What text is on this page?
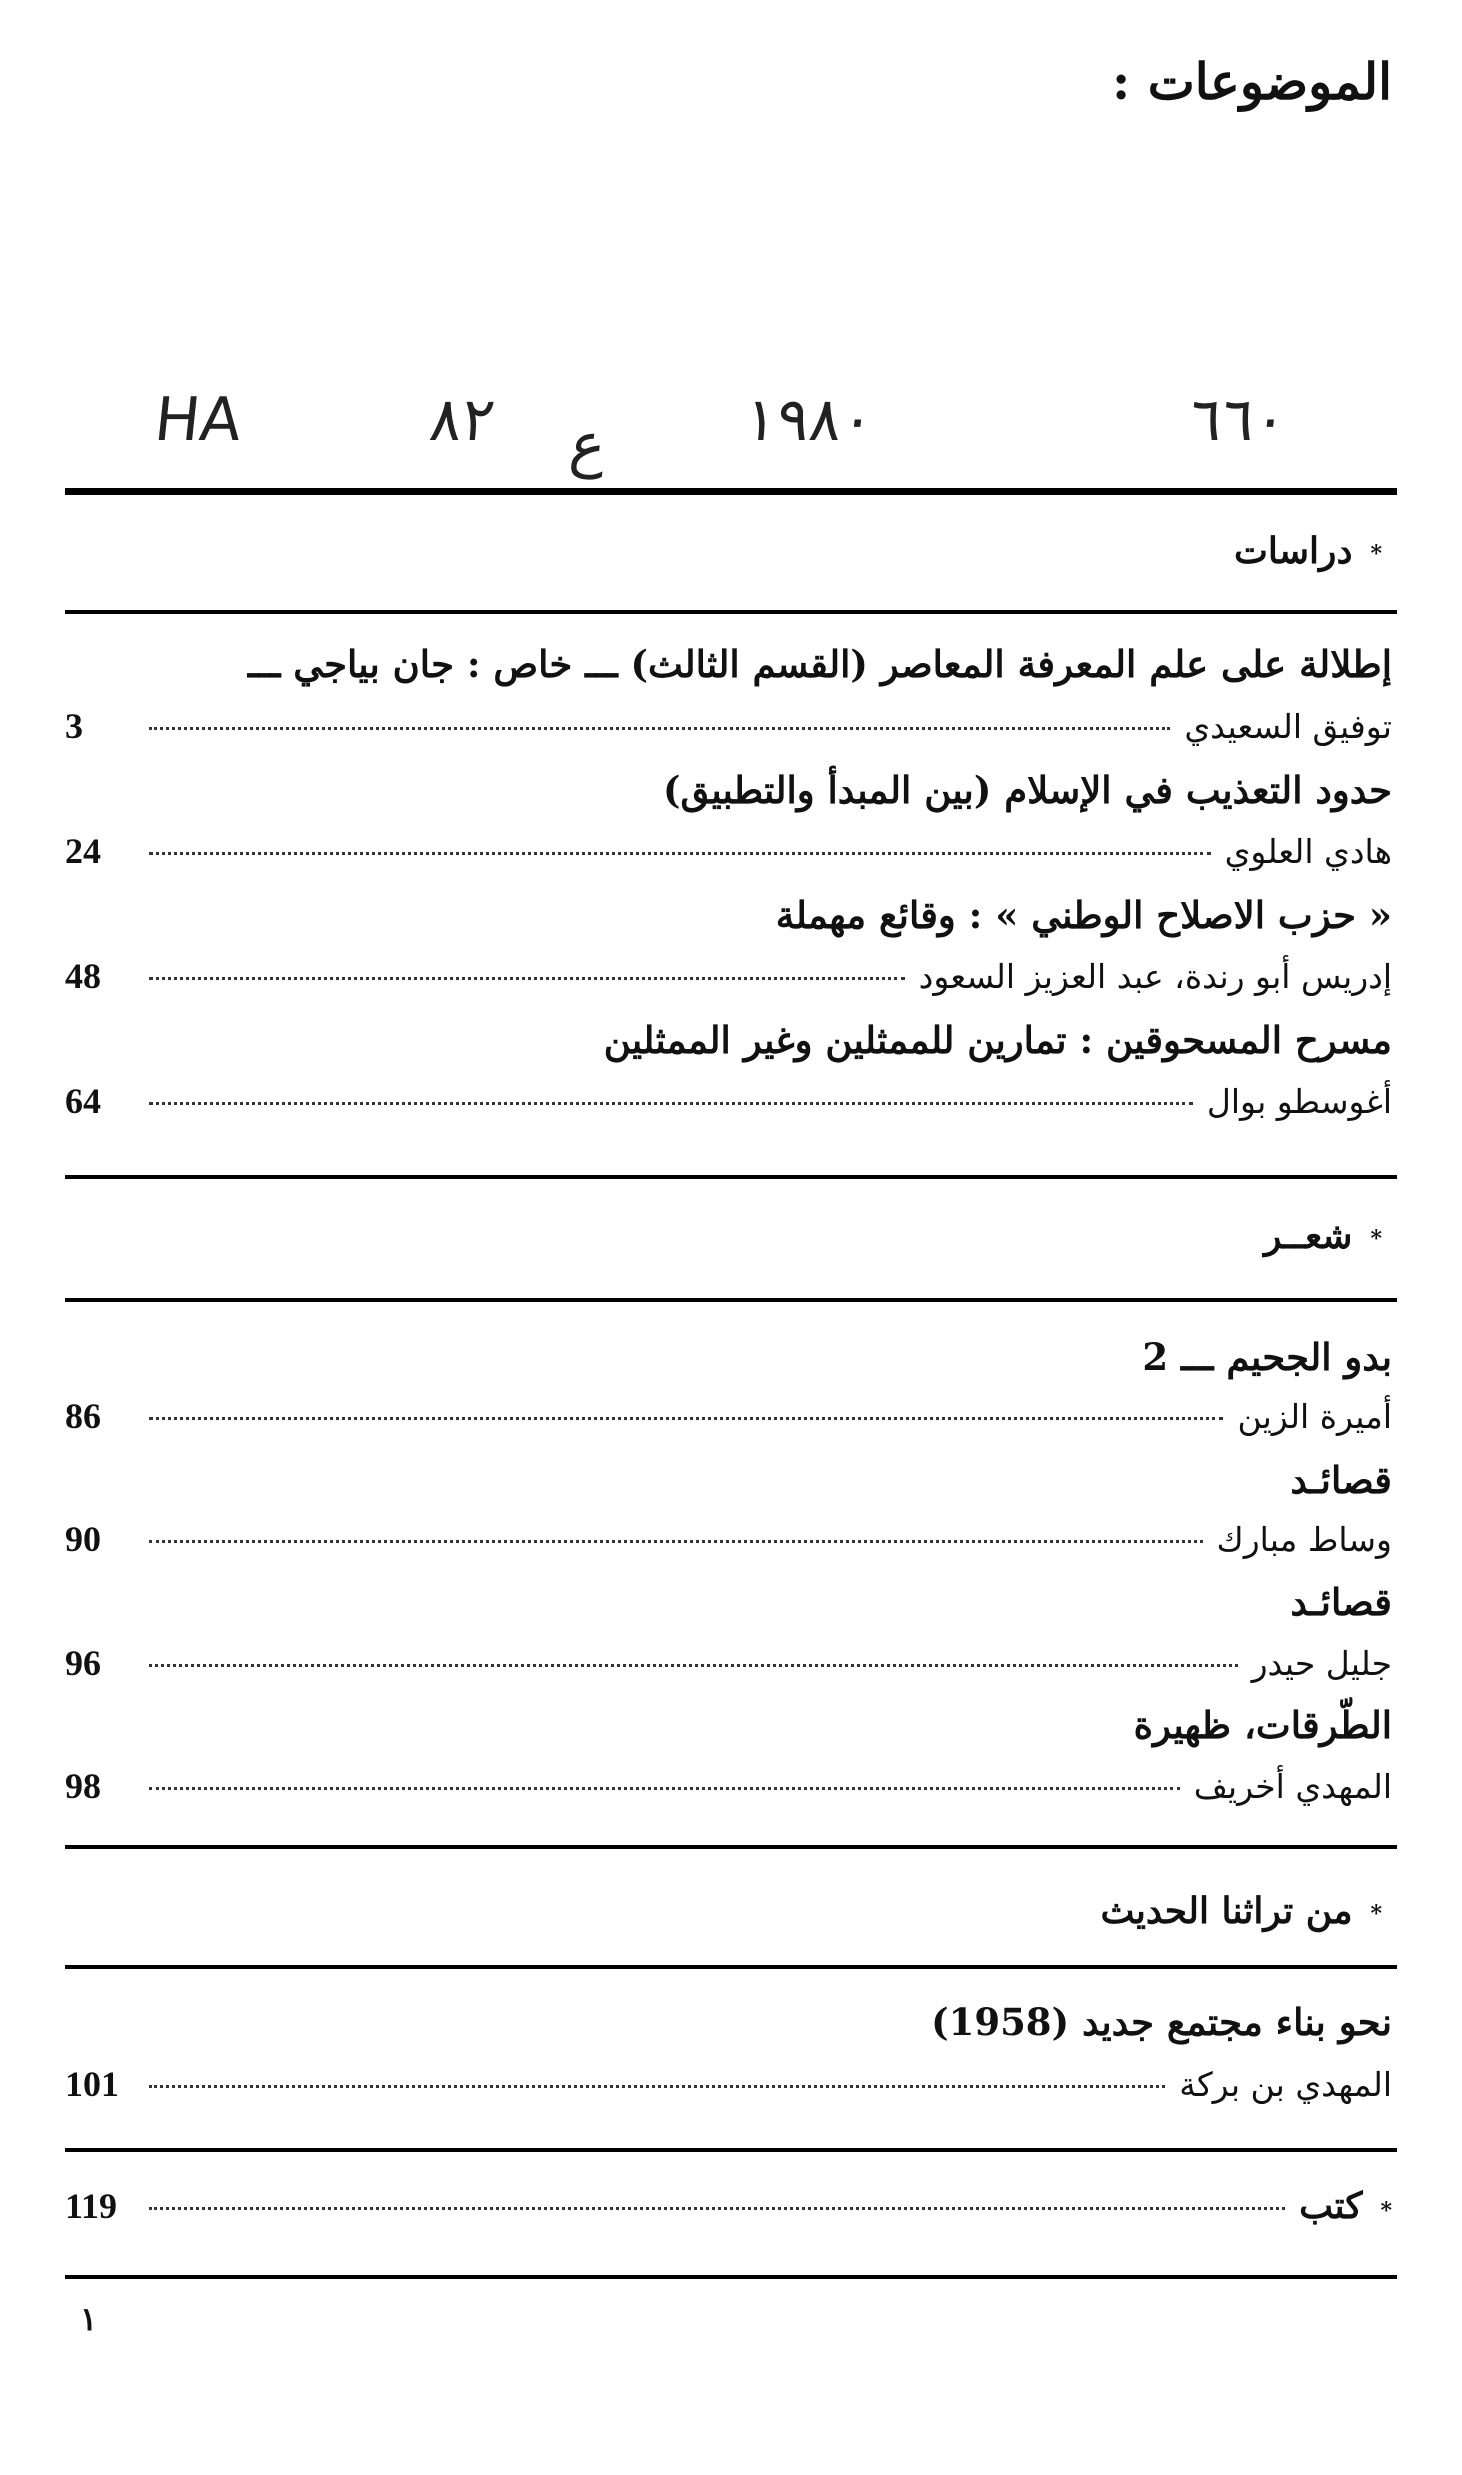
الموضوعات :
HA	٨٢ ع ١٩٨٠	٦٦٠
*دراسات
إطلالة على علم المعرفة المعاصر (القسم الثالث) ـــ خاص : جان بياجي ـــ
3	توفيق السعيدي
حدود التعذيب في الإسلام (بين المبدأ والتطبيق)
24	هادي العلوي
« حزب الاصلاح الوطني » : وقائع مهملة
48	إدريس أبو رندة، عبد العزيز السعود
مسرح المسحوقين : تمارين للممثلين وغير الممثلين
64	أغوسطو بوال
*شعــر
بدو الجحيم ـــ 2
86	أميرة الزين
قصائـد
90	وساط مبارك
قصائـد
96	جليل حيدر
الطّرقات، ظهيرة
98	المهدي أخريف
*من تراثنا الحديث
نحو بناء مجتمع جديد (1958)
101	المهدي بن بركة
119	*كتب
١
